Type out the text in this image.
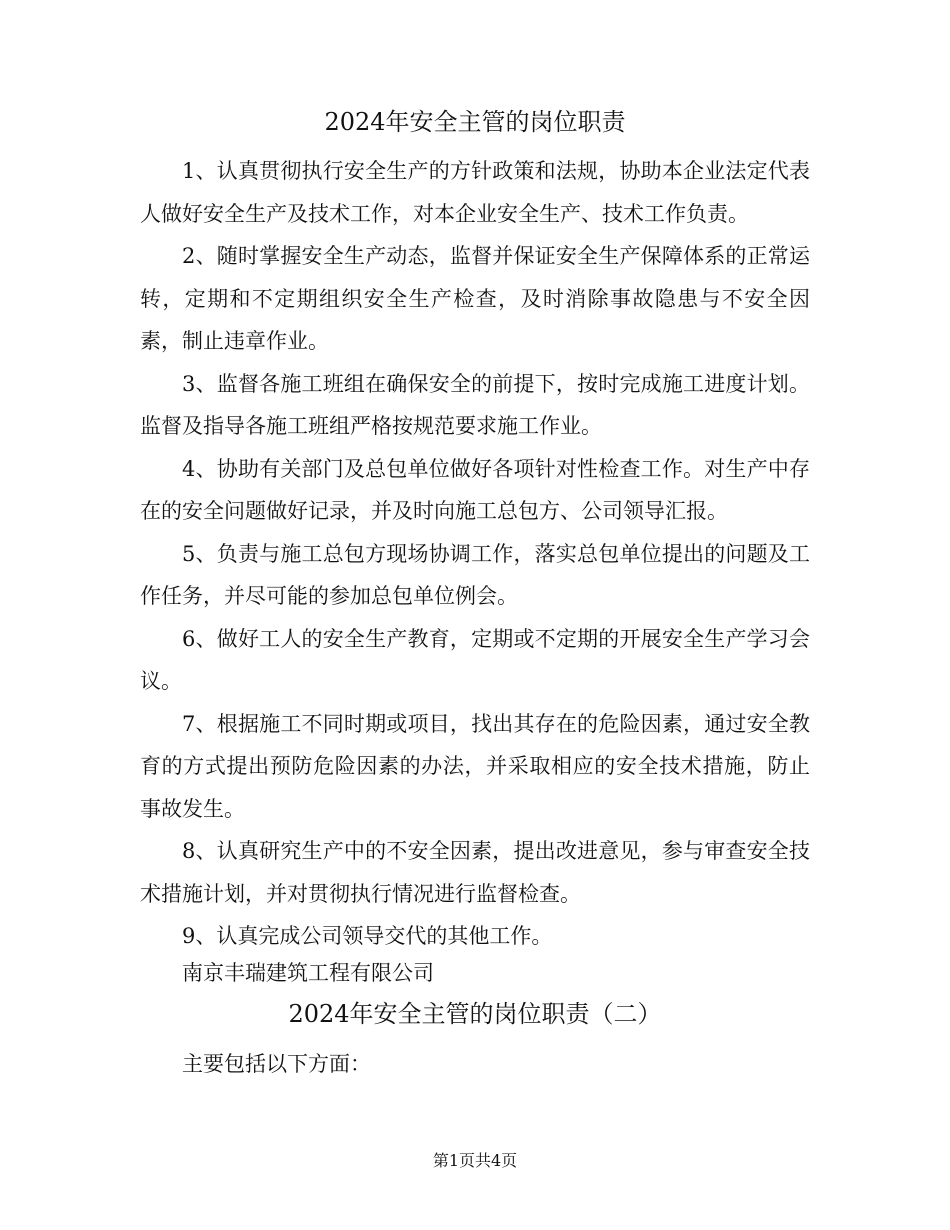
2024年安全主管的岗位职责

1、认真贯彻执行安全生产的方针政策和法规，协助本企业法定代表人做好安全生产及技术工作，对本企业安全生产、技术工作负责。

2、随时掌握安全生产动态，监督并保证安全生产保障体系的正常运转，定期和不定期组织安全生产检查，及时消除事故隐患与不安全因素，制止违章作业。

3、监督各施工班组在确保安全的前提下，按时完成施工进度计划。监督及指导各施工班组严格按规范要求施工作业。

4、协助有关部门及总包单位做好各项针对性检查工作。对生产中存在的安全问题做好记录，并及时向施工总包方、公司领导汇报。

5、负责与施工总包方现场协调工作，落实总包单位提出的问题及工作任务，并尽可能的参加总包单位例会。

6、做好工人的安全生产教育，定期或不定期的开展安全生产学习会议。

7、根据施工不同时期或项目，找出其存在的危险因素，通过安全教育的方式提出预防危险因素的办法，并采取相应的安全技术措施，防止事故发生。

8、认真研究生产中的不安全因素，提出改进意见，参与审查安全技术措施计划，并对贯彻执行情况进行监督检查。

9、认真完成公司领导交代的其他工作。

南京丰瑞建筑工程有限公司
2024年安全主管的岗位职责（二）
主要包括以下方面：
第1页共4页
